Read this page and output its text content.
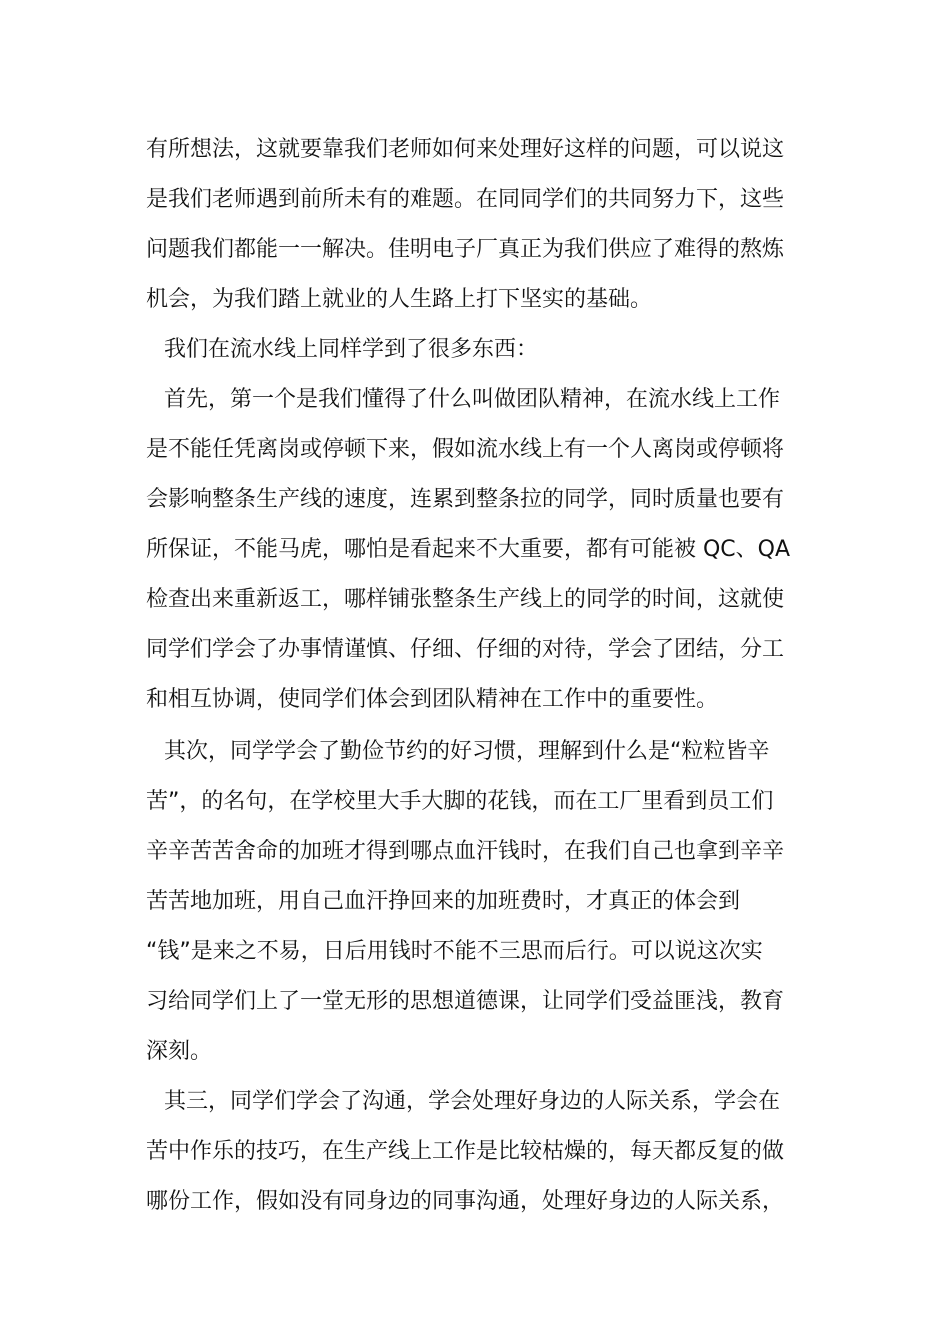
有所想法，这就要靠我们老师如何来处理好这样的问题，可以说这
是我们老师遇到前所未有的难题。在同同学们的共同努力下，这些
问题我们都能一一解决。佳明电子厂真正为我们供应了难得的熬炼
机会，为我们踏上就业的人生路上打下坚实的基础。
我们在流水线上同样学到了很多东西：
首先，第一个是我们懂得了什么叫做团队精神，在流水线上工作
是不能任凭离岗或停顿下来，假如流水线上有一个人离岗或停顿将
会影响整条生产线的速度，连累到整条拉的同学，同时质量也要有
所保证，不能马虎，哪怕是看起来不大重要，都有可能被 QC、QA
检查出来重新返工，哪样铺张整条生产线上的同学的时间，这就使
同学们学会了办事情谨慎、仔细、仔细的对待，学会了团结，分工
和相互协调，使同学们体会到团队精神在工作中的重要性。
其次，同学学会了勤俭节约的好习惯，理解到什么是“粒粒皆辛
苦”，的名句，在学校里大手大脚的花钱，而在工厂里看到员工们
辛辛苦苦舍命的加班才得到哪点血汗钱时，在我们自己也拿到辛辛
苦苦地加班，用自己血汗挣回来的加班费时，才真正的体会到
“钱”是来之不易，日后用钱时不能不三思而后行。可以说这次实
习给同学们上了一堂无形的思想道德课，让同学们受益匪浅，教育
深刻。
其三，同学们学会了沟通，学会处理好身边的人际关系，学会在
苦中作乐的技巧，在生产线上工作是比较枯燥的，每天都反复的做
哪份工作，假如没有同身边的同事沟通，处理好身边的人际关系，
